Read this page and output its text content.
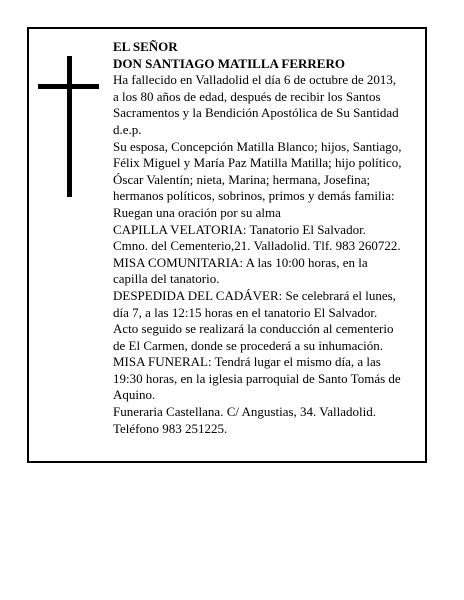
EL SEÑOR
DON SANTIAGO MATILLA FERRERO
Ha fallecido en Valladolid el día 6 de octubre de 2013,
a los 80 años de edad, después de recibir los Santos
Sacramentos y la Bendición Apostólica de Su Santidad
d.e.p.
Su esposa, Concepción Matilla Blanco; hijos, Santiago,
Félix Miguel y María Paz Matilla Matilla; hijo político,
Óscar Valentín; nieta, Marina; hermana, Josefina;
hermanos políticos, sobrinos, primos y demás familia:
Ruegan una oración por su alma
CAPILLA VELATORIA: Tanatorio El Salvador.
Cmno. del Cementerio,21. Valladolid. Tlf. 983 260722.
MISA COMUNITARIA: A las 10:00 horas, en la
capilla del tanatorio.
DESPEDIDA DEL CADÁVER: Se celebrará el lunes,
día 7, a las 12:15 horas en el tanatorio El Salvador.
Acto seguido se realizará la conducción al cementerio
de El Carmen, donde se procederá a su inhumación.
MISA FUNERAL: Tendrá lugar el mismo día, a las
19:30 horas, en la iglesia parroquial de Santo Tomás de
Aquino.
Funeraria Castellana. C/ Angustias, 34. Valladolid.
Teléfono 983 251225.
